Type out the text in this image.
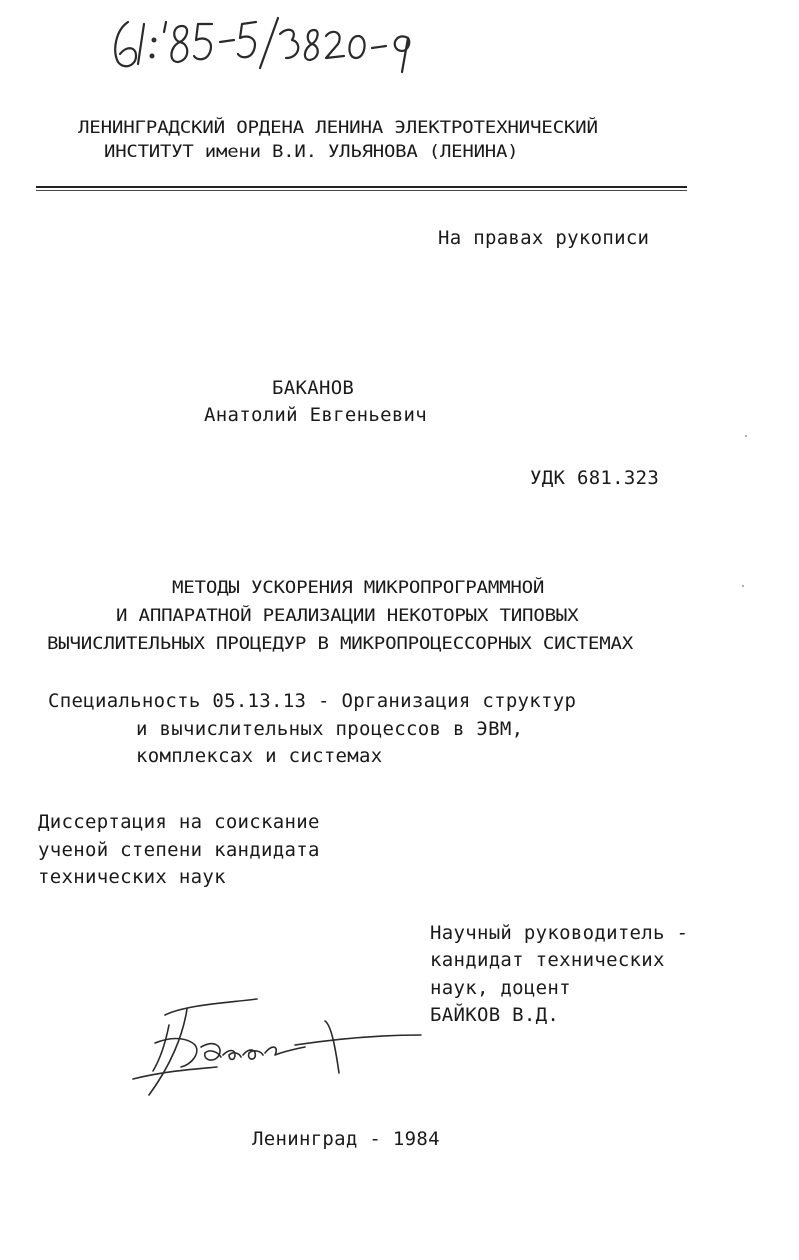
ЛЕНИНГРАДСКИЙ ОРДЕНА ЛЕНИНА ЭЛЕКТРОТЕХНИЧЕСКИЙ
ИНСТИТУТ имени В.И. УЛЬЯНОВА (ЛЕНИНА)
На правах рукописи
БАКАНОВ
Анатолий Евгеньевич
УДК 681.323
МЕТОДЫ УСКОРЕНИЯ МИКРОПРОГРАММНОЙ
И АППАРАТНОЙ РЕАЛИЗАЦИИ НЕКОТОРЫХ ТИПОВЫХ
ВЫЧИСЛИТЕЛЬНЫХ ПРОЦЕДУР В МИКРОПРОЦЕССОРНЫХ СИСТЕМАХ
Специальность 05.13.13 - Организация структур
и вычислительных процессов в ЭВМ,
комплексах и системах
Диссертация на соискание
ученой степени кандидата
технических наук
Научный руководитель -
кандидат технических
наук, доцент
БАЙКОВ В.Д.
Ленинград - 1984
